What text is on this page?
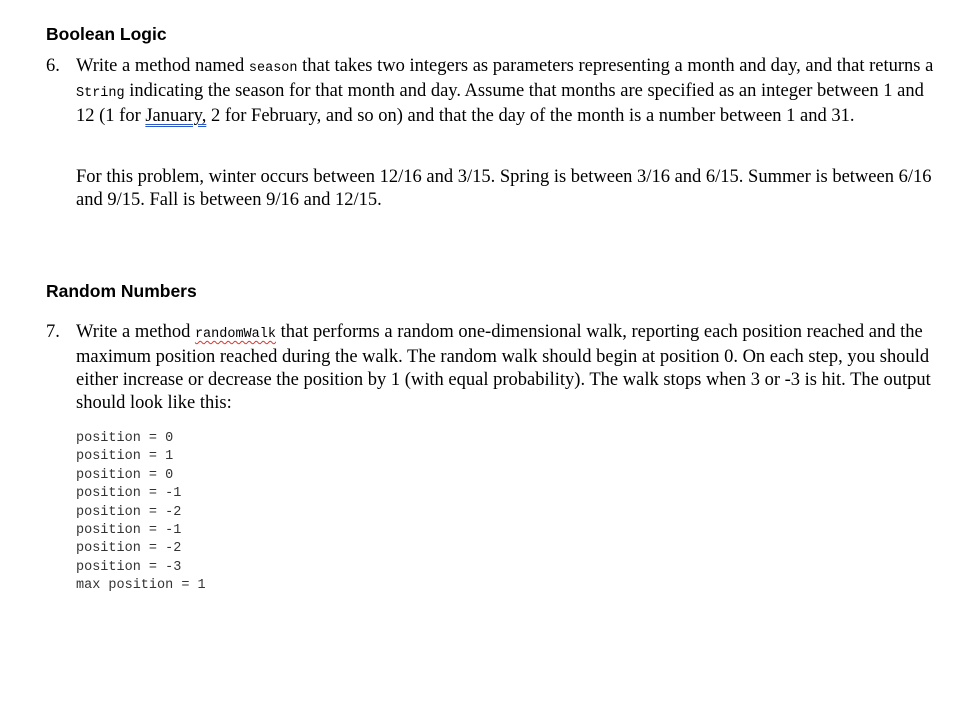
Boolean Logic
6. Write a method named season that takes two integers as parameters representing a month and day, and that returns a String indicating the season for that month and day. Assume that months are specified as an integer between 1 and 12 (1 for January, 2 for February, and so on) and that the day of the month is a number between 1 and 31.

For this problem, winter occurs between 12/16 and 3/15. Spring is between 3/16 and 6/15. Summer is between 6/16 and 9/15. Fall is between 9/16 and 12/15.

Random Numbers
7. Write a method randomWalk that performs a random one-dimensional walk, reporting each position reached and the maximum position reached during the walk. The random walk should begin at position 0. On each step, you should either increase or decrease the position by 1 (with equal probability). The walk stops when 3 or -3 is hit. The output should look like this:

position = 0
position = 1
position = 0
position = -1
position = -2
position = -1
position = -2
position = -3
max position = 1
